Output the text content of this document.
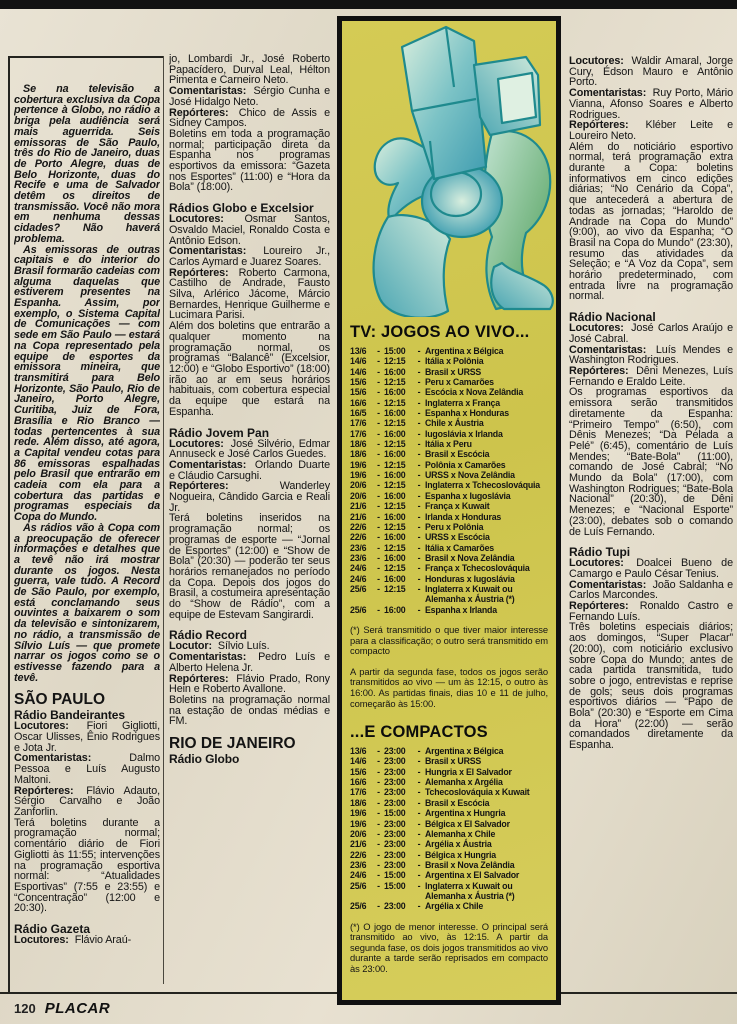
Se na televisão a cobertura exclusiva da Copa pertence à Globo, no rádio a briga pela audiência será mais aguerrida. Seis emissoras de São Paulo, três do Rio de Janeiro, duas de Porto Alegre, duas de Belo Horizonte, duas do Recife e uma de Salvador detêm os direitos de transmissão. Você não mora em nenhuma dessas cidades? Não haverá problema.

As emissoras de outras capitais e do interior do Brasil formarão cadeias com alguma daquelas que estiverem presentes na Espanha. Assim, por exemplo, o Sistema Capital de Comunicações — com sede em São Paulo — estará na Copa representado pela equipe de esportes da emissora mineira, que transmitirá para Belo Horizonte, São Paulo, Rio de Janeiro, Porto Alegre, Curitiba, Juiz de Fora, Brasília e Rio Branco — todas pertencentes à sua rede. Além disso, até agora, a Capital vendeu cotas para 86 emissoras espalhadas pelo Brasil que entrarão em cadeia com ela para a cobertura das partidas e programas especiais da Copa do Mundo.

As rádios vão à Copa com a preocupação de oferecer informações e detalhes que a tevê não irá mostrar durante os jogos. Nesta guerra, vale tudo. A Record de São Paulo, por exemplo, está conclamando seus ouvintes a baixarem o som da televisão e sintonizarem, no rádio, a transmissão de Sílvio Luís — que promete narrar os jogos como se o estivesse fazendo para a tevê.

SÃO PAULO

Rádio Bandeirantes

Locutores: Fiori Gigliotti, Oscar Ulisses, Ênio Rodrigues e Jota Jr.

Comentaristas:	Dalmo Pessoa e Luís Augusto Maltoni.

Repórteres: Flávio Adauto, Sérgio Carvalho e João Zanforlin.

Terá boletins durante a programação normal; comentário diário de Fiori Gigliotti às 11:55; intervenções na programação esportiva normal: “Atualidades Esportivas” (7:55 e 23:55) e “Concentração” (12:00 e 20:30).

Rádio Gazeta

Locutores: Flávio Araú-

jo, Lombardi Jr., José Roberto Papacídero, Durval Leal, Hélton Pimenta e Carneiro Neto.

Comentaristas: Sérgio Cunha e José Hidalgo Neto.

Repórteres: Chico de Assis e Sidney Campos.

Boletins em toda a programação normal; participação direta da Espanha nos programas esportivos da emissora: “Gazeta nos Esportes” (11:00) e “Hora da Bola” (18:00).

Rádios Globo e Excelsior

Locutores: Osmar Santos, Osvaldo Maciel, Ronaldo Costa e Antônio Edson.

Comentaristas: Loureiro Jr., Carlos Aymard e Juarez Soares.

Repórteres: Roberto Carmona, Castilho de Andrade, Fausto Silva, Arlérico Jácome, Márcio Bernardes, Henrique Guilherme e Lucimara Parisi.

Além dos boletins que entrarão a qualquer momento na programação normal, os programas “Balancê” (Excelsior, 12:00) e “Globo Esportivo” (18:00) irão ao ar em seus horários habituais, com cobertura especial da equipe que estará na Espanha.

Rádio Jovem Pan

Locutores: José Silvério, Edmar Annuseck e José Carlos Guedes.

Comentaristas: Orlando Duarte e Cláudio Carsughi.

Repórteres:	Wanderley Nogueira, Cândido Garcia e Reali Jr.

Terá boletins inseridos na programação normal; os programas de esporte — “Jornal de Esportes” (12:00) e “Show de Bola” (20:30) — poderão ter seus horários remanejados no período da Copa. Depois dos jogos do Brasil, a costumeira apresentação do “Show de Rádio”, com a equipe de Estevam Sangirardi.

Rádio Record

Locutor: Sílvio Luís.

Comentaristas: Pedro Luís e Alberto Helena Jr.

Repórteres: Flávio Prado, Rony Hein e Roberto Avallone.

Boletins na programação normal na estação de ondas médias e FM.

RIO DE JANEIRO

Rádio Globo

TV: JOGOS AO VIVO...
13/6	- 15:00	- Argentina x Bélgica
14/6	- 12:15	- Itália x Polônia
14/6	- 16:00	- Brasil x URSS
15/6	- 12:15	- Peru x Camarões
15/6	- 16:00	- Escócia x Nova Zelândia
16/6	- 12:15	- Inglaterra x França
16/5	- 16:00	- Espanha x Honduras
17/6	- 12:15	- Chile x Áustria
17/6	- 16:00	- Iugoslávia x Irlanda
18/6	- 12:15	- Itália x Peru
18/6	- 16:00	- Brasil x Escócia
19/6	- 12:15	- Polônia x Camarões
19/6	- 16:00	- URSS x Nova Zelândia
20/6	- 12:15	- Inglaterra x Tchecoslováquia
20/6	- 16:00	- Espanha x Iugoslávia
21/6	- 12:15	- França x Kuwait
21/6	- 16:00	- Irlanda x Honduras
22/6	- 12:15	- Peru x Polônia
22/6	- 16:00	- URSS x Escócia
23/6	- 12:15	- Itália x Camarões
23/6	- 16:00	- Brasil x Nova Zelândia
24/6	- 12:15	- França x Tchecoslováquia
24/6	- 16:00	- Honduras x Iugoslávia
25/6	- 12:15	- Inglaterra x Kuwait ou Alemanha x Áustria (*)
25/6	- 16:00	- Espanha x Irlanda

(*) Será transmitido o que tiver maior interesse para a classificação; o outro será transmitido em compacto

A partir da segunda fase, todos os jogos serão transmitidos ao vivo — um às 12:15, o outro às 16:00. As partidas finais, dias 10 e 11 de julho, começarão às 15:00.

...E COMPACTOS
13/6	- 23:00	- Argentina x Bélgica
14/6	- 23:00	- Brasil x URSS
15/6	- 23:00	- Hungria x El Salvador
16/6	- 23:00	- Alemanha x Argélia
17/6	- 23:00	- Tchecoslováquia x Kuwait
18/6	- 23:00	- Brasil x Escócia
19/6	- 15:00	- Argentina x Hungria
19/6	- 23:00	- Bélgica x El Salvador
20/6	- 23:00	- Alemanha x Chile
21/6	- 23:00	- Argélia x Áustria
22/6	- 23:00	- Bélgica x Hungria
23/6	- 23:00	- Brasil x Nova Zelândia
24/6	- 15:00	- Argentina x El Salvador
25/6	- 15:00	- Inglaterra x Kuwait ou Alemanha x Áustria (*)
25/6	- 23:00	- Argélia x Chile

(*) O jogo de menor interesse. O principal será transmitido ao vivo, às 12:15. A partir da segunda fase, os dois jogos transmitidos ao vivo durante a tarde serão reprisados em compacto às 23:00.

Locutores: Waldir Amaral, Jorge Cury, Édson Mauro e Antônio Porto.

Comentaristas: Ruy Porto, Mário Vianna, Afonso Soares e Alberto Rodrigues.

Repórteres: Kléber Leite e Loureiro Neto.

Além do noticiário esportivo normal, terá programação extra durante a Copa: boletins informativos em cinco edições diárias; “No Cenário da Copa”, que antecederá a abertura de todas as jornadas; “Haroldo de Andrade na Copa do Mundo” (9:00), ao vivo da Espanha; “O Brasil na Copa do Mundo” (23:30), resumo das atividades da Seleção; e “A Voz da Copa”, sem horário predeterminado, com entrada livre na programação normal.

Rádio Nacional

Locutores: José Carlos Araújo e José Cabral.

Comentaristas: Luís Mendes e Washington Rodrigues.

Repórteres: Dêni Menezes, Luís Fernando e Eraldo Leite.

Os programas esportivos da emissora serão transmitidos diretamente da Espanha: “Primeiro Tempo” (6:50), com Dênis Menezes; “Da Pelada a Pelé” (6:45), comentário de Luís Mendes; “Bate-Bola” (11:00), comando de José Cabral; “No Mundo da Bola” (17:00), com Washington Rodrigues; “Bate-Bola Nacional” (20:30), de Dêni Menezes; e “Nacional Esporte” (23:00), debates sob o comando de Luís Fernando.

Rádio Tupi

Locutores: Doalcei Bueno de Camargo e Paulo César Tenius.

Comentaristas: João Saldanha e Carlos Marcondes.

Repórteres: Ronaldo Castro e Fernando Luís.

Três boletins especiais diários; aos domingos, “Super Placar” (20:00), com noticiário exclusivo sobre Copa do Mundo; antes de cada partida transmitida, tudo sobre o jogo, entrevistas e reprise de gols; seus dois programas esportivos diários — “Papo de Bola” (20:30) e “Esporte em Cima da Hora” (22:00) — serão comandados diretamente da Espanha.

120 PLACAR
